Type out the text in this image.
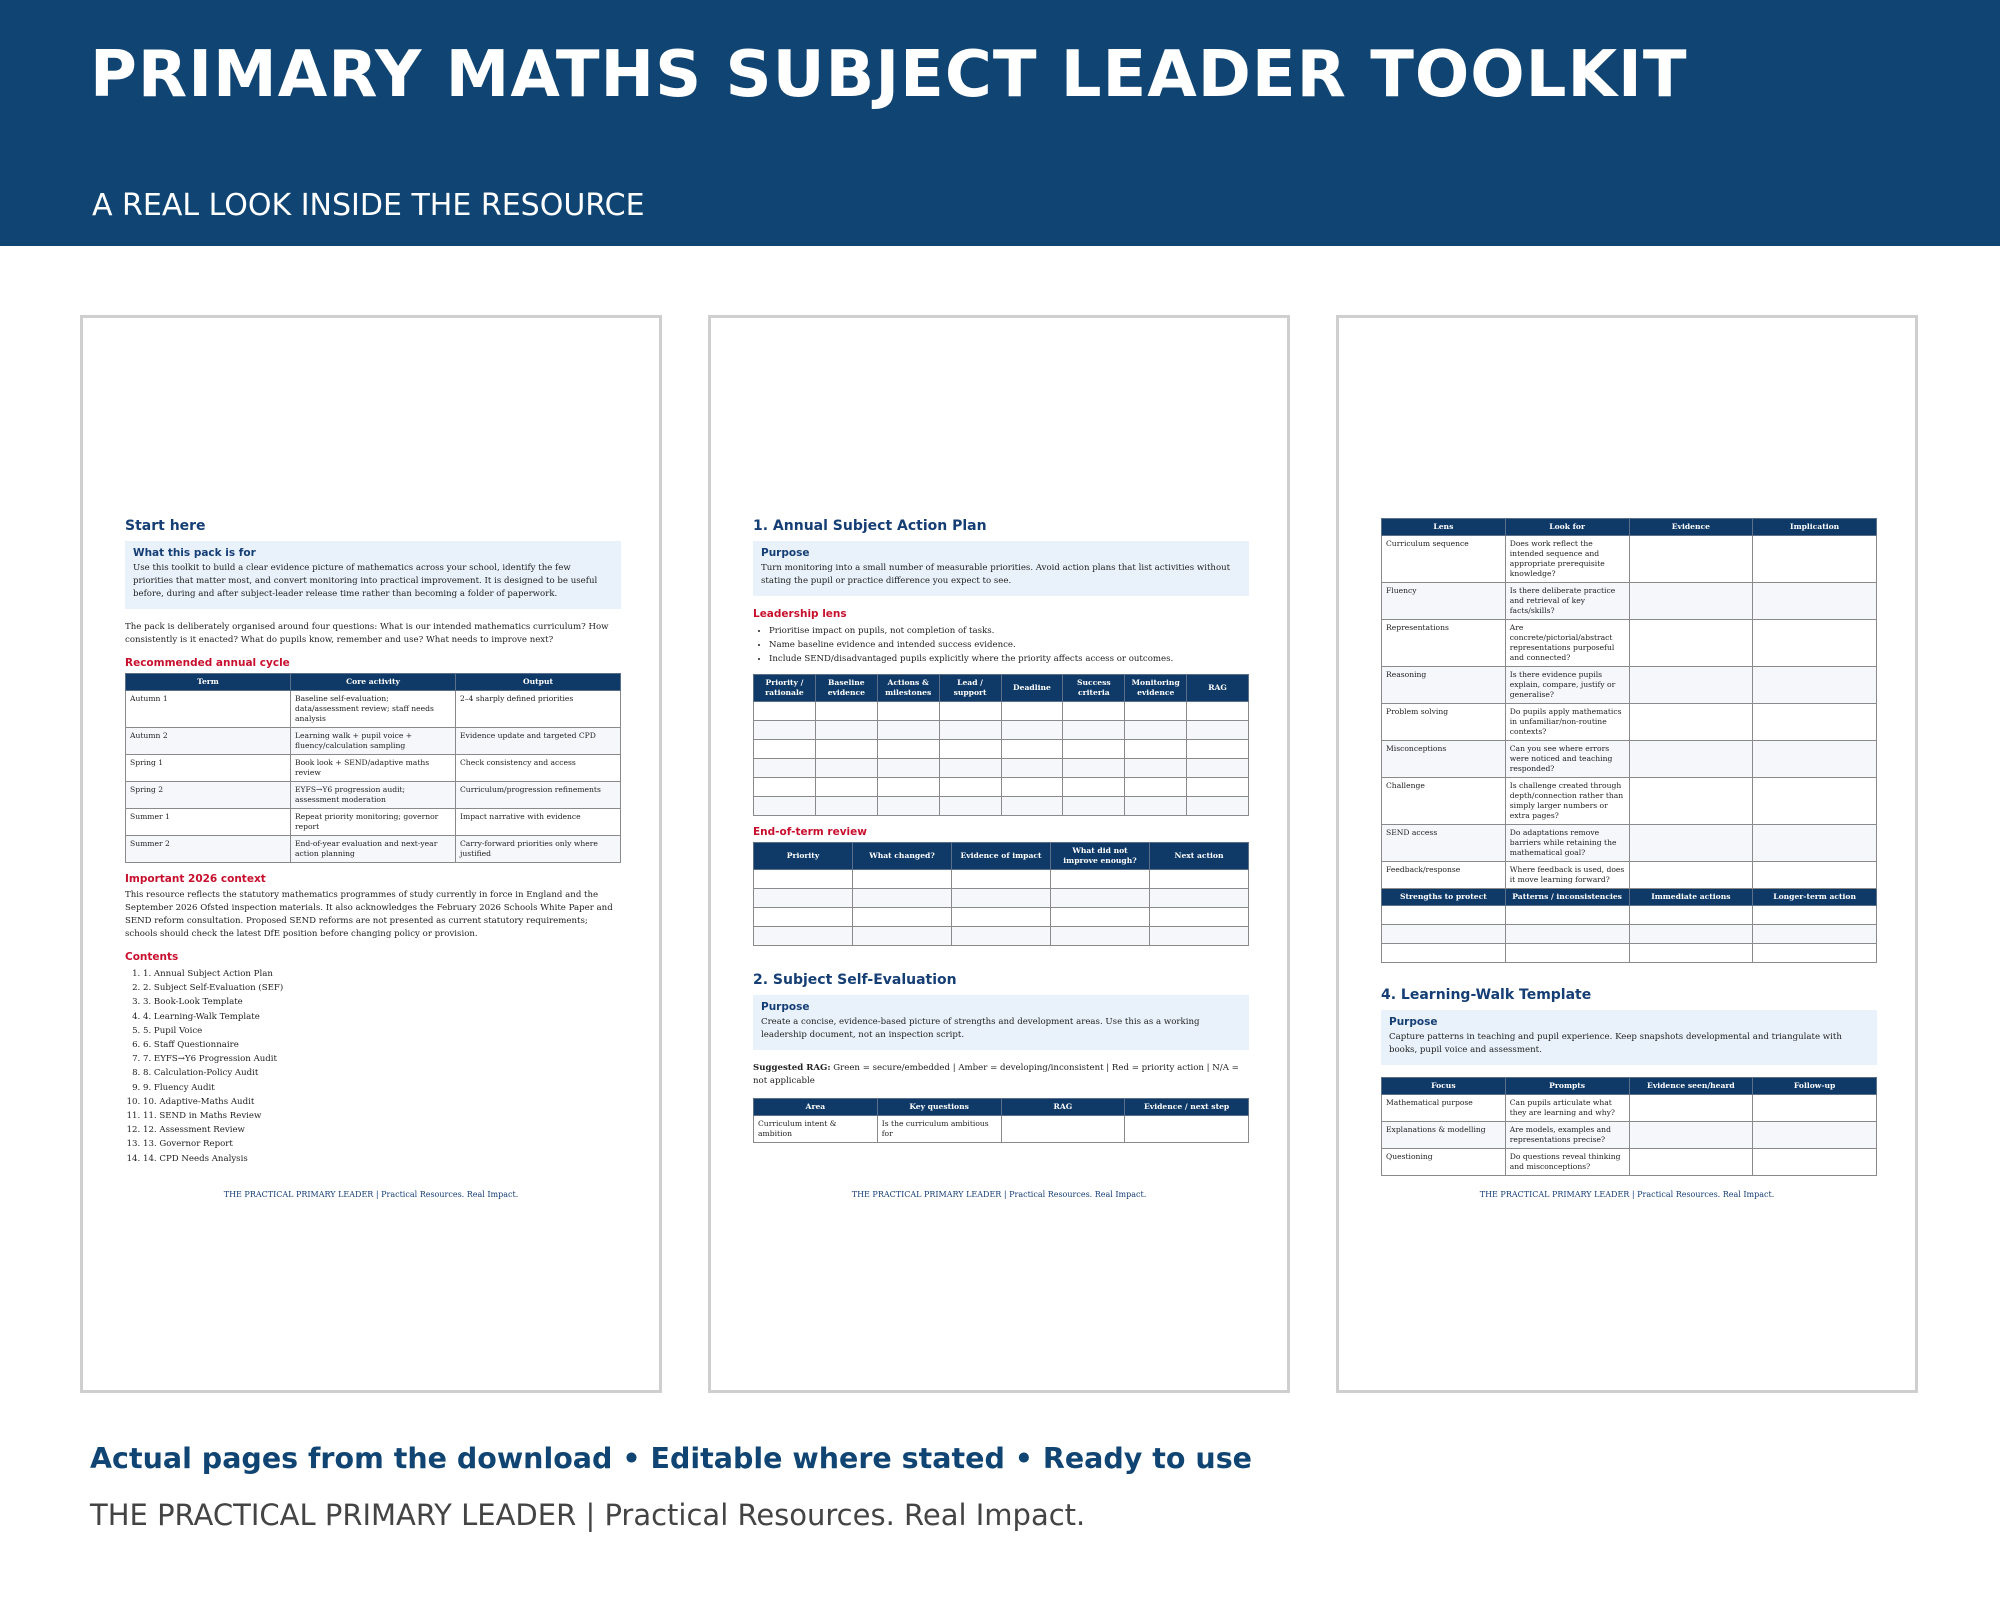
PRIMARY MATHS SUBJECT LEADER TOOLKIT
A REAL LOOK INSIDE THE RESOURCE
Start here
What this pack is for
Use this toolkit to build a clear evidence picture of mathematics across your school, identify the few priorities that matter most, and convert monitoring into practical improvement. It is designed to be useful before, during and after subject-leader release time rather than becoming a folder of paperwork.

The pack is deliberately organised around four questions: What is our intended mathematics curriculum? How consistently is it enacted? What do pupils know, remember and use? What needs to improve next?

Recommended annual cycle
Term	Core activity	Output
Autumn 1	Baseline self-evaluation; data/assessment review; staff needs analysis	2–4 sharply defined priorities
Autumn 2	Learning walk + pupil voice + fluency/calculation sampling	Evidence update and targeted CPD
Spring 1	Book look + SEND/adaptive maths review	Check consistency and access
Spring 2	EYFS→Y6 progression audit; assessment moderation	Curriculum/progression refinements
Summer 1	Repeat priority monitoring; governor report	Impact narrative with evidence
Summer 2	End-of-year evaluation and next-year action planning	Carry-forward priorities only where justified
Important 2026 context

This resource reflects the statutory mathematics programmes of study currently in force in England and the September 2026 Ofsted inspection materials. It also acknowledges the February 2026 Schools White Paper and SEND reform consultation. Proposed SEND reforms are not presented as current statutory requirements; schools should check the latest DfE position before changing policy or provision.

Contents
1. 1. Annual Subject Action Plan
2. 2. Subject Self-Evaluation (SEF)
3. 3. Book-Look Template
4. 4. Learning-Walk Template
5. 5. Pupil Voice
6. 6. Staff Questionnaire
7. 7. EYFS→Y6 Progression Audit
8. 8. Calculation-Policy Audit
9. 9. Fluency Audit
10. 10. Adaptive-Maths Audit
11. 11. SEND in Maths Review
12. 12. Assessment Review
13. 13. Governor Report
14. 14. CPD Needs Analysis
THE PRACTICAL PRIMARY LEADER | Practical Resources. Real Impact.
1. Annual Subject Action Plan
Purpose
Turn monitoring into a small number of measurable priorities. Avoid action plans that list activities without stating the pupil or practice difference you expect to see.
Leadership lens
• Prioritise impact on pupils, not completion of tasks.
• Name baseline evidence and intended success evidence.
• Include SEND/disadvantaged pupils explicitly where the priority affects access or outcomes.
Priority / rationale	Baseline evidence	Actions & milestones	Lead / support	Deadline	Success criteria	Monitoring evidence	RAG

End-of-term review
Priority	What changed?	Evidence of impact	What did not improve enough?	Next action

2. Subject Self-Evaluation
Purpose
Create a concise, evidence-based picture of strengths and development areas. Use this as a working leadership document, not an inspection script.
Suggested RAG: Green = secure/embedded | Amber = developing/inconsistent | Red = priority action | N/A = not applicable
Area	Key questions	RAG	Evidence / next step
Curriculum intent & ambition	Is the curriculum ambitious for		
THE PRACTICAL PRIMARY LEADER | Practical Resources. Real Impact.
Lens	Look for	Evidence	Implication
Curriculum sequence	Does work reflect the intended sequence and appropriate prerequisite knowledge?		
Fluency	Is there deliberate practice and retrieval of key facts/skills?		
Representations	Are concrete/pictorial/abstract representations purposeful and connected?		
Reasoning	Is there evidence pupils explain, compare, justify or generalise?		
Problem solving	Do pupils apply mathematics in unfamiliar/non-routine contexts?		
Misconceptions	Can you see where errors were noticed and teaching responded?		
Challenge	Is challenge created through depth/connection rather than simply larger numbers or extra pages?		
SEND access	Do adaptations remove barriers while retaining the mathematical goal?		
Feedback/response	Where feedback is used, does it move learning forward?		
Strengths to protect	Patterns / inconsistencies	Immediate actions	Longer-term action

4. Learning-Walk Template
Purpose
Capture patterns in teaching and pupil experience. Keep snapshots developmental and triangulate with books, pupil voice and assessment.
Focus	Prompts	Evidence seen/heard	Follow-up
Mathematical purpose	Can pupils articulate what they are learning and why?		
Explanations & modelling	Are models, examples and representations precise?		
Questioning	Do questions reveal thinking and misconceptions?		
THE PRACTICAL PRIMARY LEADER | Practical Resources. Real Impact.
Actual pages from the download • Editable where stated • Ready to use
THE PRACTICAL PRIMARY LEADER | Practical Resources. Real Impact.
